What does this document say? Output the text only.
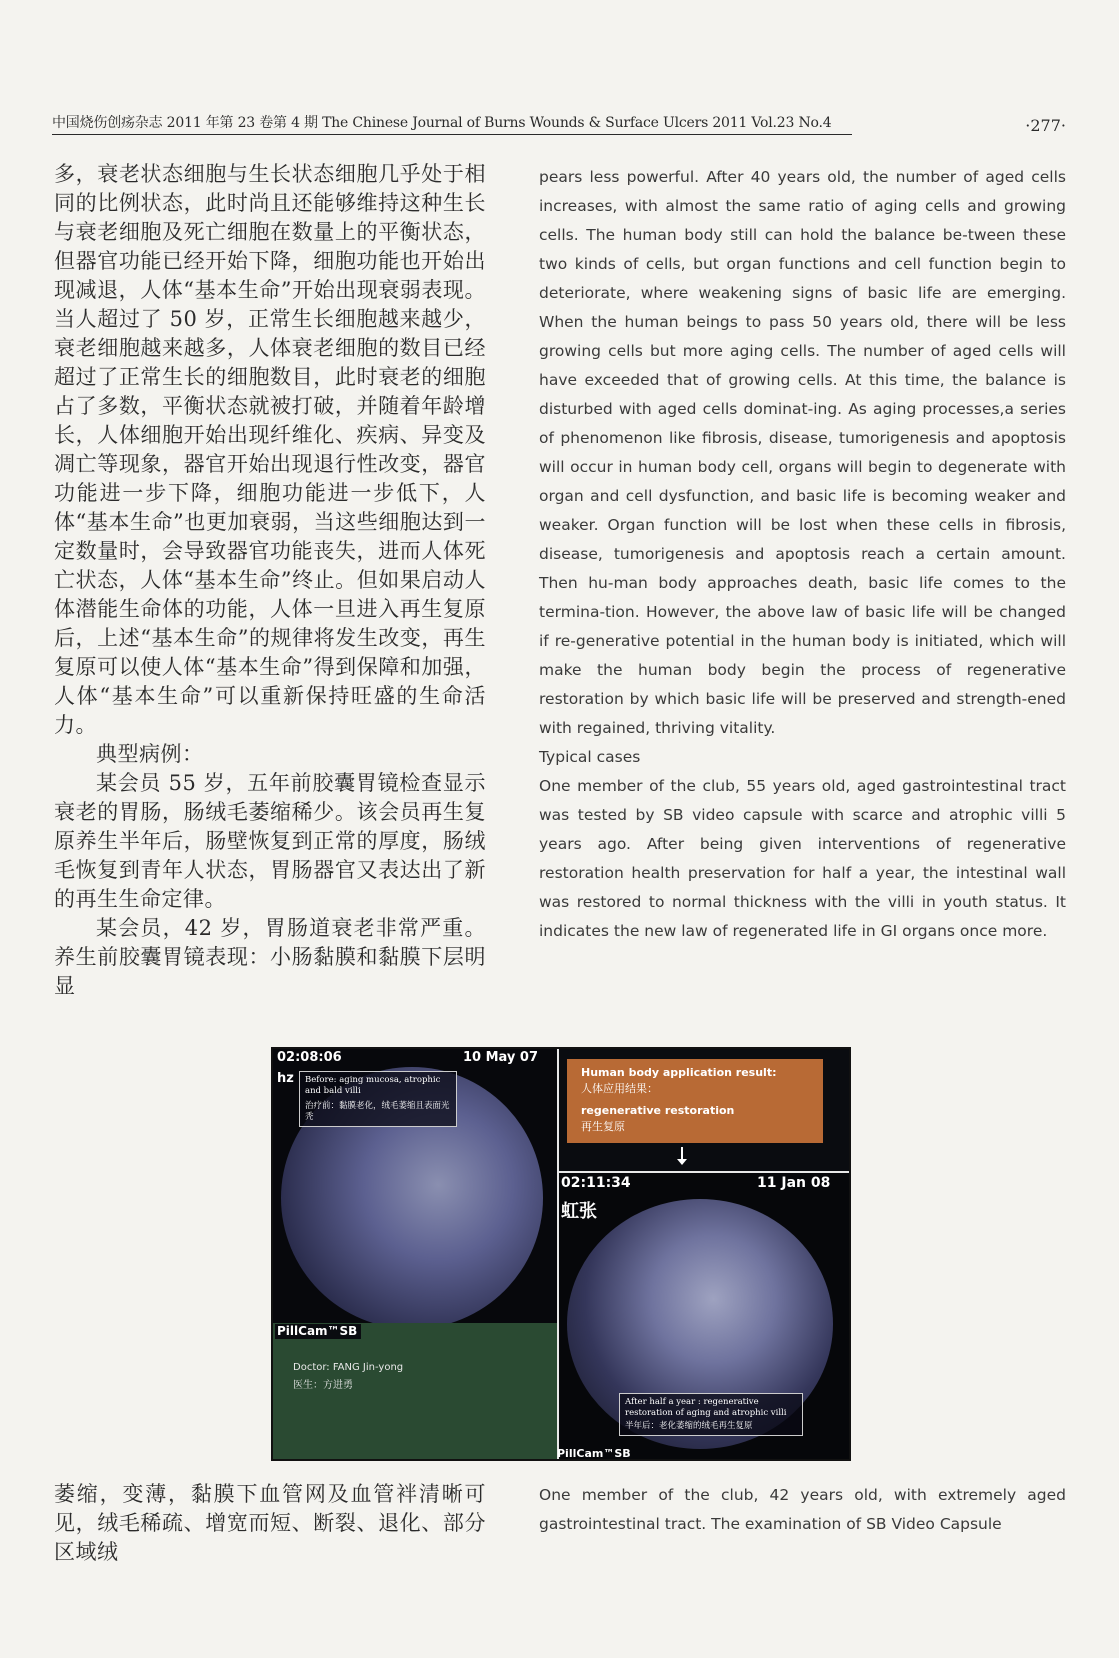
中国烧伤创疡杂志 2011 年第 23 卷第 4 期 The Chinese Journal of Burns Wounds & Surface Ulcers 2011 Vol.23 No.4	·277·

多，衰老状态细胞与生长状态细胞几乎处于相同的比例状态，此时尚且还能够维持这种生长与衰老细胞及死亡细胞在数量上的平衡状态，但器官功能已经开始下降，细胞功能也开始出现减退，人体“基本生命”开始出现衰弱表现。当人超过了 50 岁，正常生长细胞越来越少，衰老细胞越来越多，人体衰老细胞的数目已经超过了正常生长的细胞数目，此时衰老的细胞占了多数，平衡状态就被打破，并随着年龄增长，人体细胞开始出现纤维化、疾病、异变及凋亡等现象，器官开始出现退行性改变，器官功能进一步下降，细胞功能进一步低下，人体“基本生命”也更加衰弱，当这些细胞达到一定数量时，会导致器官功能丧失，进而人体死亡状态，人体“基本生命”终止。但如果启动人体潜能生命体的功能，人体一旦进入再生复原后，上述“基本生命”的规律将发生改变，再生复原可以使人体“基本生命”得到保障和加强，人体“基本生命”可以重新保持旺盛的生命活力。

典型病例：

某会员 55 岁，五年前胶囊胃镜检查显示衰老的胃肠，肠绒毛萎缩稀少。该会员再生复原养生半年后，肠壁恢复到正常的厚度，肠绒毛恢复到青年人状态，胃肠器官又表达出了新的再生生命定律。

某会员，42 岁，胃肠道衰老非常严重。养生前胶囊胃镜表现：小肠黏膜和黏膜下层明显

pears less powerful. After 40 years old, the number of aged cells increases, with almost the same ratio of aging cells and growing cells. The human body still can hold the balance be-tween these two kinds of cells, but organ functions and cell function begin to deteriorate, where weakening signs of basic life are emerging. When the human beings to pass 50 years old, there will be less growing cells but more aging cells. The number of aged cells will have exceeded that of growing cells. At this time, the balance is disturbed with aged cells dominat-ing. As aging processes,a series of phenomenon like fibrosis, disease, tumorigenesis and apoptosis will occur in human body cell, organs will begin to degenerate with organ and cell dysfunction, and basic life is becoming weaker and weaker. Organ function will be lost when these cells in fibrosis, disease, tumorigenesis and apoptosis reach a certain amount. Then hu-man body approaches death, basic life comes to the termina-tion. However, the above law of basic life will be changed if re-generative potential in the human body is initiated, which will make the human body begin the process of regenerative restoration by which basic life will be preserved and strength-ened with regained, thriving vitality.

Typical cases

One member of the club, 55 years old, aged gastrointestinal tract was tested by SB video capsule with scarce and atrophic villi 5 years ago. After being given interventions of regenerative restoration health preservation for half a year, the intestinal wall was restored to normal thickness with the villi in youth status. It indicates the new law of regenerated life in GI organs once more.

02:08:06	10 May 07
hz Before: aging mucosa, atrophic and bald villi
治疗前：黏膜老化，绒毛萎缩且表面光秃
PillCam™SB
Doctor: FANG Jin-yong
医生：方进勇
Human body application result:
人体应用结果：
regenerative restoration
再生复原
02:11:34	11 Jan 08
虹张
After half a year : regenerative restoration of aging and atrophic villi
半年后：老化萎缩的绒毛再生复原
PillCam™SB

萎缩，变薄，黏膜下血管网及血管袢清晰可见，绒毛稀疏、增宽而短、断裂、退化、部分区域绒

One member of the club, 42 years old, with extremely aged gastrointestinal tract. The examination of SB Video Capsule
